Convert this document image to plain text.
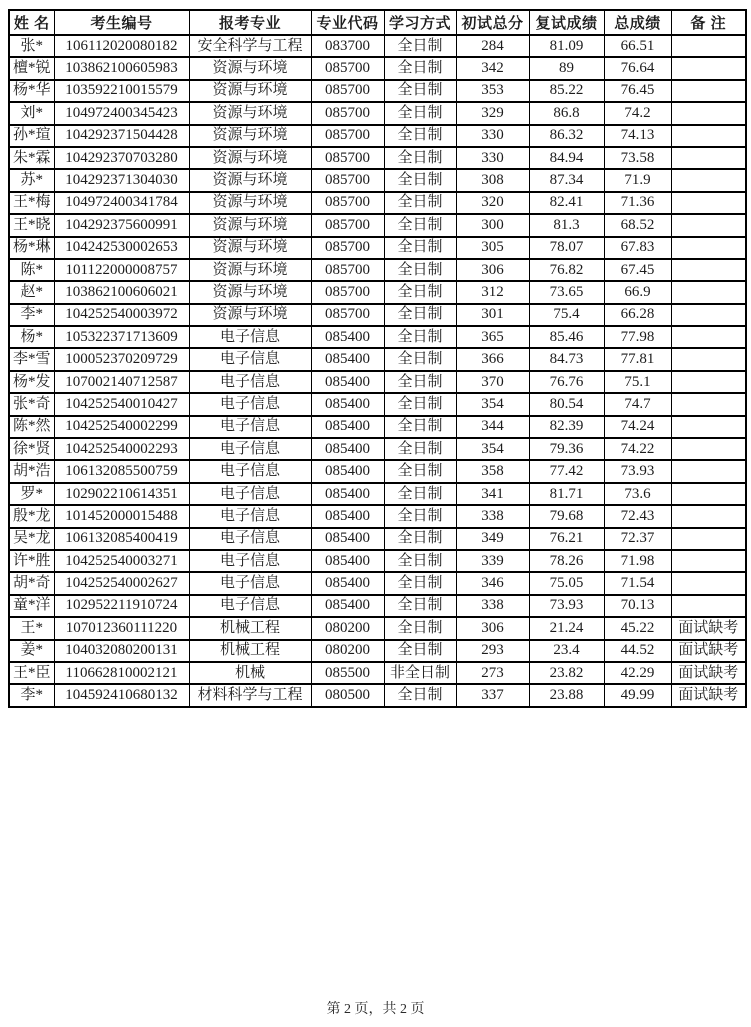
姓 名	考生编号	报考专业	专业代码	学习方式	初试总分	复试成绩	总成绩	备 注
张*	106112020080182	安全科学与工程	083700	全日制	284	81.09	66.51	
檀*锐	103862100605983	资源与环境	085700	全日制	342	89	76.64	
杨*华	103592210015579	资源与环境	085700	全日制	353	85.22	76.45	
刘*	104972400345423	资源与环境	085700	全日制	329	86.8	74.2	
孙*瑄	104292371504428	资源与环境	085700	全日制	330	86.32	74.13	
朱*霖	104292370703280	资源与环境	085700	全日制	330	84.94	73.58	
苏*	104292371304030	资源与环境	085700	全日制	308	87.34	71.9	
王*梅	104972400341784	资源与环境	085700	全日制	320	82.41	71.36	
王*晓	104292375600991	资源与环境	085700	全日制	300	81.3	68.52	
杨*琳	104242530002653	资源与环境	085700	全日制	305	78.07	67.83	
陈*	101122000008757	资源与环境	085700	全日制	306	76.82	67.45	
赵*	103862100606021	资源与环境	085700	全日制	312	73.65	66.9	
李*	104252540003972	资源与环境	085700	全日制	301	75.4	66.28	
杨*	105322371713609	电子信息	085400	全日制	365	85.46	77.98	
李*雪	100052370209729	电子信息	085400	全日制	366	84.73	77.81	
杨*发	107002140712587	电子信息	085400	全日制	370	76.76	75.1	
张*奇	104252540010427	电子信息	085400	全日制	354	80.54	74.7	
陈*然	104252540002299	电子信息	085400	全日制	344	82.39	74.24	
徐*贤	104252540002293	电子信息	085400	全日制	354	79.36	74.22	
胡*浩	106132085500759	电子信息	085400	全日制	358	77.42	73.93	
罗*	102902210614351	电子信息	085400	全日制	341	81.71	73.6	
殷*龙	101452000015488	电子信息	085400	全日制	338	79.68	72.43	
吴*龙	106132085400419	电子信息	085400	全日制	349	76.21	72.37	
许*胜	104252540003271	电子信息	085400	全日制	339	78.26	71.98	
胡*奇	104252540002627	电子信息	085400	全日制	346	75.05	71.54	
童*洋	102952211910724	电子信息	085400	全日制	338	73.93	70.13	
王*	107012360111220	机械工程	080200	全日制	306	21.24	45.22	面试缺考
姜*	104032080200131	机械工程	080200	全日制	293	23.4	44.52	面试缺考
王*臣	110662810002121	机械	085500	非全日制	273	23.82	42.29	面试缺考
李*	104592410680132	材料科学与工程	080500	全日制	337	23.88	49.99	面试缺考
第 2 页，共 2 页
